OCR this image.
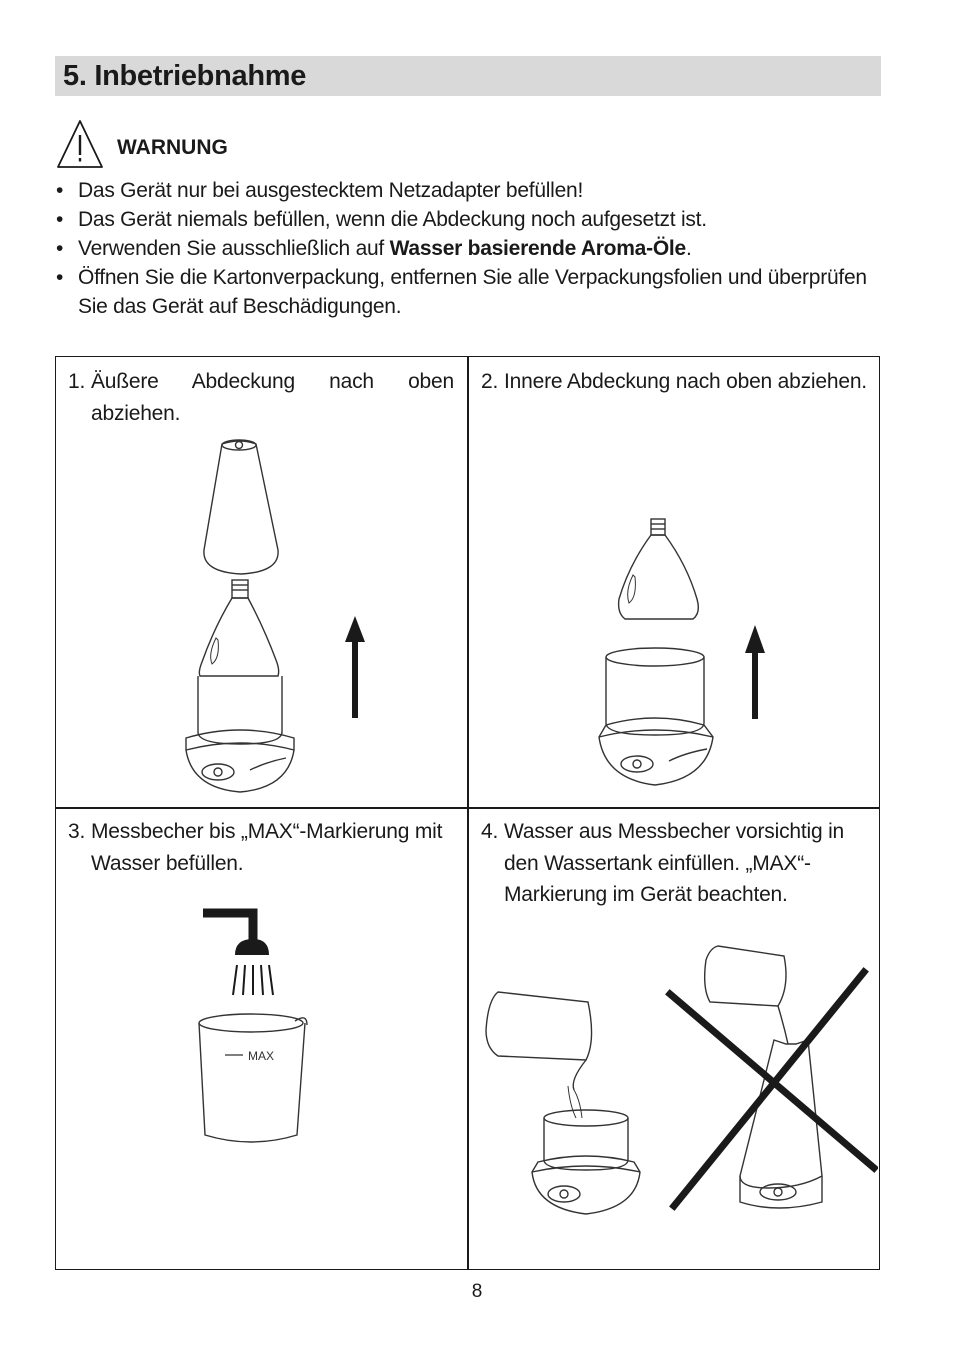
5. Inbetriebnahme
WARNUNG
• Das Gerät nur bei ausgestecktem Netzadapter befüllen!
• Das Gerät niemals befüllen, wenn die Abdeckung noch aufgesetzt ist.
• Verwenden Sie ausschließlich auf Wasser basierende Aroma-Öle.
• Öffnen Sie die Kartonverpackung, entfernen Sie alle Verpackungsfolien und überprüfen Sie das Gerät auf Beschädigungen.
1. Äußere Abdeckung nach oben abziehen.
2. Innere Abdeckung nach oben abziehen.
3. Messbecher bis „MAX“-Markierung mit Wasser befüllen.
4. Wasser aus Messbecher vorsichtig in den Wassertank einfüllen. „MAX“-Markierung im Gerät beachten.
MAX
8
